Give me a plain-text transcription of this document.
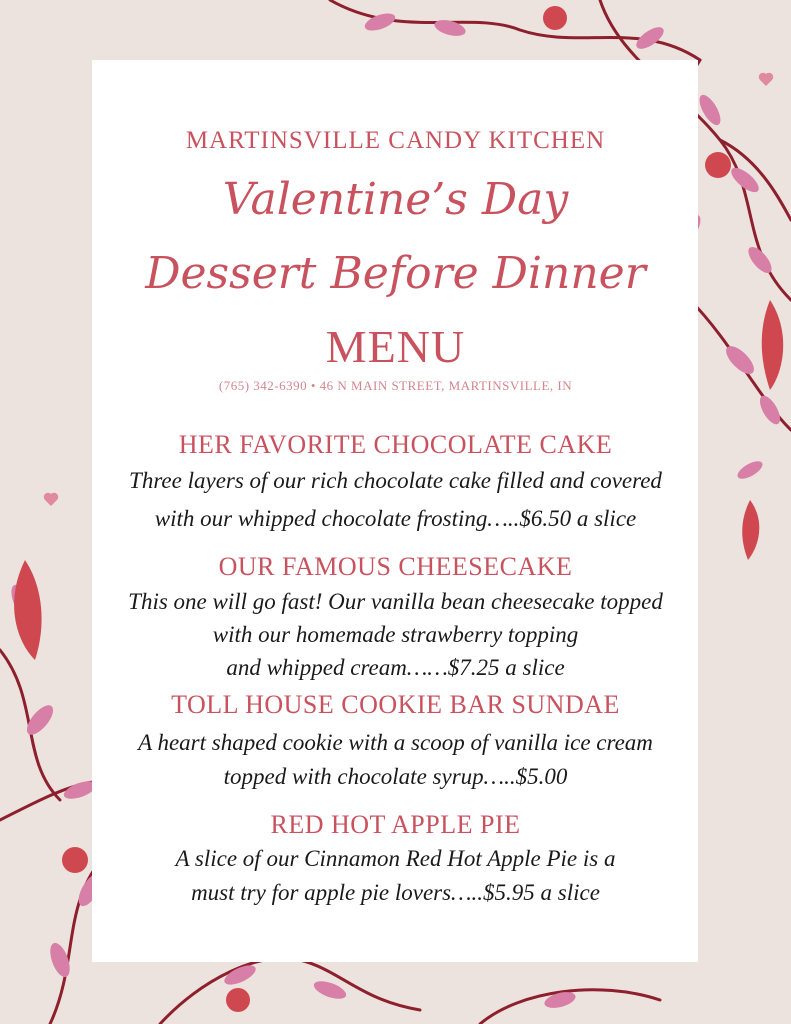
MARTINSVILLE CANDY KITCHEN
Valentine’s Day
Dessert Before Dinner
MENU
(765) 342-6390 • 46 N MAIN STREET, MARTINSVILLE, IN
HER FAVORITE CHOCOLATE CAKE
Three layers of our rich chocolate cake filled and covered
with our whipped chocolate frosting…..$6.50 a slice
OUR FAMOUS CHEESECAKE
This one will go fast! Our vanilla bean cheesecake topped
with our homemade strawberry topping
and whipped cream……$7.25 a slice
TOLL HOUSE COOKIE BAR SUNDAE
A heart shaped cookie with a scoop of vanilla ice cream
topped with chocolate syrup…..$5.00
RED HOT APPLE PIE
A slice of our Cinnamon Red Hot Apple Pie is a
must try for apple pie lovers…..$5.95 a slice
